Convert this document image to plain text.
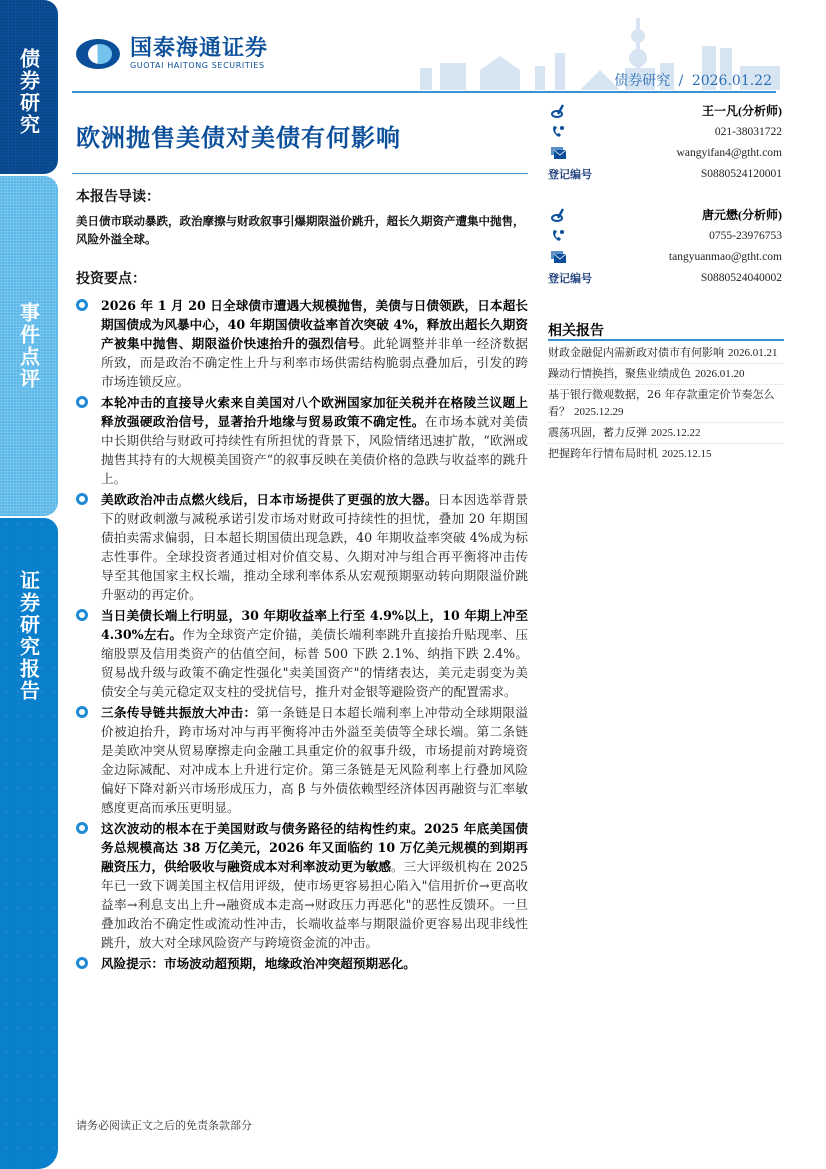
债券研究
事件点评
证券研究报告
国泰海通证券
GUOTAI HAITONG SECURITIES
债券研究 / 2026.01.22
欧洲抛售美债对美债有何影响
本报告导读：

美日债市联动暴跌，政治摩擦与财政叙事引爆期限溢价跳升，超长久期资产遭集中抛售，风险外溢全球。

投资要点：
2026 年 1 月 20 日全球债市遭遇大规模抛售，美债与日债领跌，日本超长期国债成为风暴中心，40 年期国债收益率首次突破 4%，释放出超长久期资产被集中抛售、期限溢价快速抬升的强烈信号。此轮调整并非单一经济数据所致，而是政治不确定性上升与利率市场供需结构脆弱点叠加后，引发的跨市场连锁反应。
本轮冲击的直接导火索来自美国对八个欧洲国家加征关税并在格陵兰议题上释放强硬政治信号，显著抬升地缘与贸易政策不确定性。在市场本就对美债中长期供给与财政可持续性有所担忧的背景下，风险情绪迅速扩散，“欧洲或抛售其持有的大规模美国资产“的叙事反映在美债价格的急跌与收益率的跳升上。
美欧政治冲击点燃火线后，日本市场提供了更强的放大器。日本因选举背景下的财政刺激与减税承诺引发市场对财政可持续性的担忧，叠加 20 年期国债拍卖需求偏弱，日本超长期国债出现急跌，40 年期收益率突破 4%成为标志性事件。全球投资者通过相对价值交易、久期对冲与组合再平衡将冲击传导至其他国家主权长端，推动全球利率体系从宏观预期驱动转向期限溢价跳升驱动的再定价。
当日美债长端上行明显，30 年期收益率上行至 4.9%以上，10 年期上冲至 4.30%左右。作为全球资产定价锚，美债长端利率跳升直接抬升贴现率、压缩股票及信用类资产的估值空间，标普 500 下跌 2.1%、纳指下跌 2.4%。贸易战升级与政策不确定性强化"卖美国资产"的情绪表达，美元走弱变为美债安全与美元稳定双支柱的受扰信号，推升对金银等避险资产的配置需求。
三条传导链共振放大冲击：第一条链是日本超长端利率上冲带动全球期限溢价被迫抬升，跨市场对冲与再平衡将冲击外溢至美债等全球长端。第二条链是美欧冲突从贸易摩擦走向金融工具重定价的叙事升级，市场提前对跨境资金边际减配、对冲成本上升进行定价。第三条链是无风险利率上行叠加风险偏好下降对新兴市场形成压力，高 β 与外债依赖型经济体因再融资与汇率敏感度更高而承压更明显。
这次波动的根本在于美国财政与债务路径的结构性约束。2025 年底美国债务总规模高达 38 万亿美元，2026 年又面临约 10 万亿美元规模的到期再融资压力，供给吸收与融资成本对利率波动更为敏感。三大评级机构在 2025 年已一致下调美国主权信用评级，使市场更容易担心陷入"信用折价→更高收益率→利息支出上升→融资成本走高→财政压力再恶化"的恶性反馈环。一旦叠加政治不确定性或流动性冲击，长端收益率与期限溢价更容易出现非线性跳升，放大对全球风险资产与跨境资金流的冲击。
风险提示：市场波动超预期，地缘政治冲突超预期恶化。
王一凡(分析师)
021-38031722
wangyifan4@gtht.com
登记编号	S0880524120001
唐元懋(分析师)
0755-23976753
tangyuanmao@gtht.com
登记编号	S0880524040002
相关报告
财政金融促内需新政对债市有何影响 2026.01.21
躁动行情换挡，聚焦业绩成色 2026.01.20
基于银行微观数据，26 年存款重定价节奏怎么看？ 2025.12.29
震荡巩固，蓄力反弹 2025.12.22
把握跨年行情布局时机 2025.12.15
请务必阅读正文之后的免责条款部分
